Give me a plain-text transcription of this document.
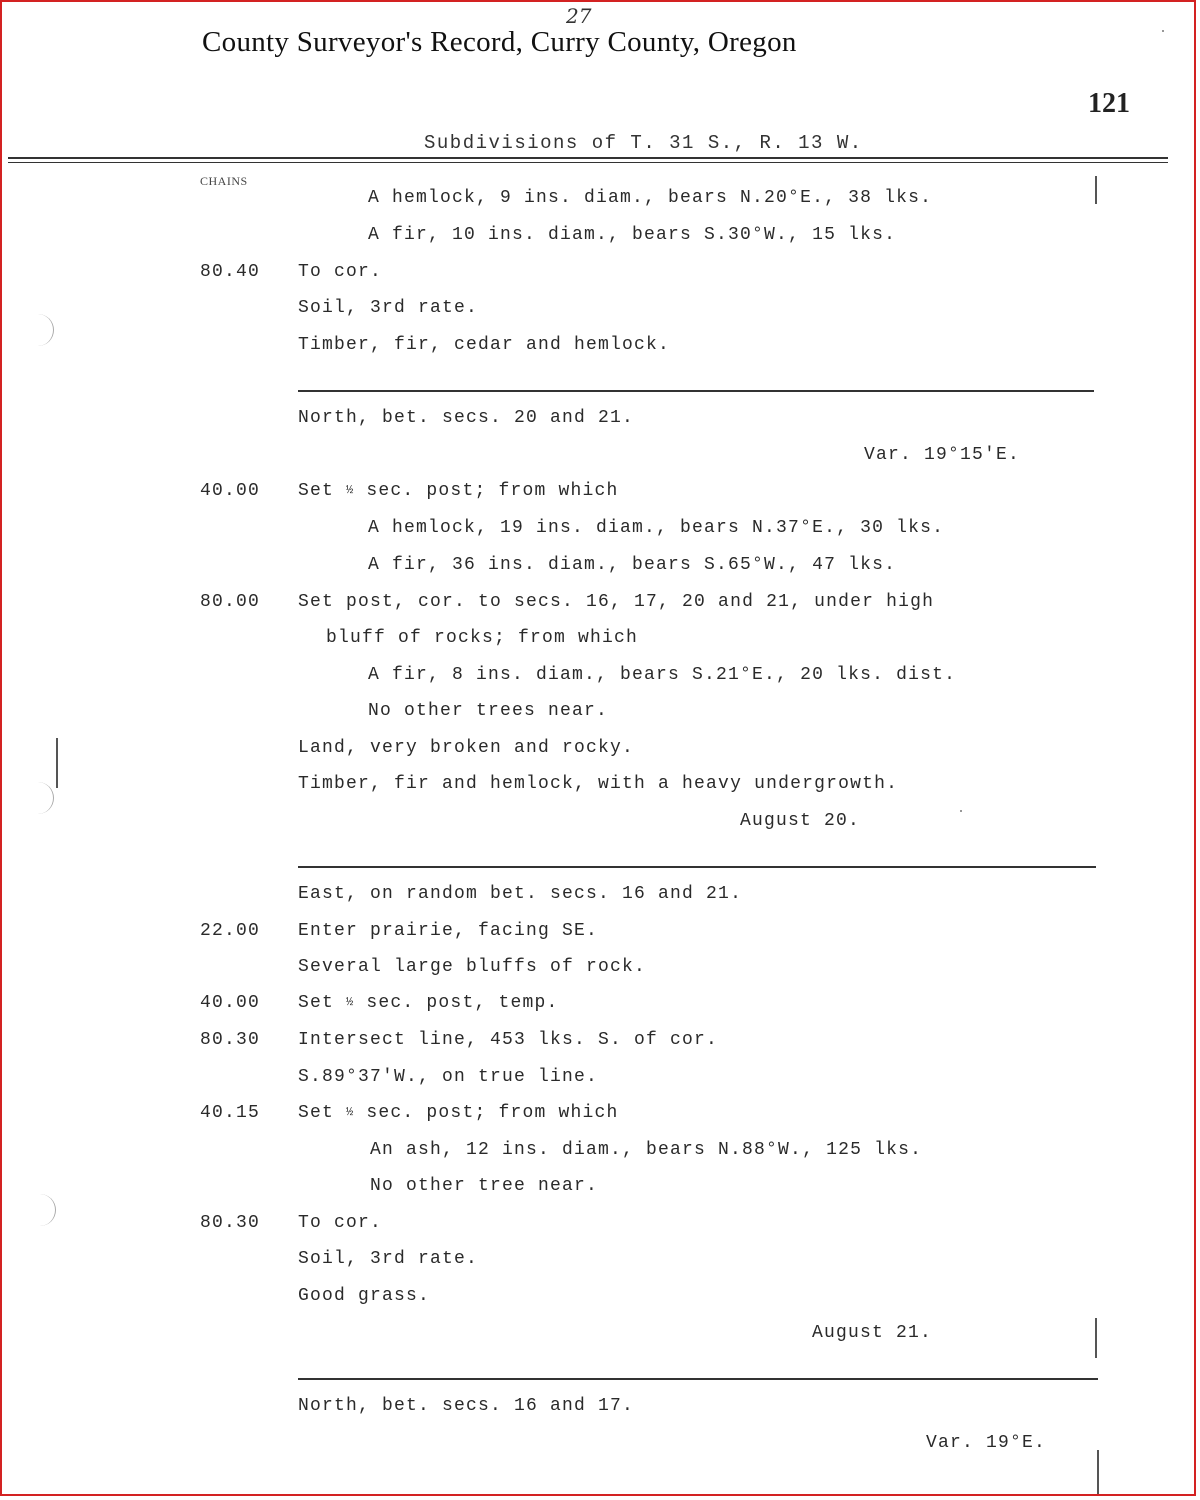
27
County Surveyor's Record, Curry County, Oregon
121
Subdivisions of T. 31 S., R. 13 W.
CHAINS
A hemlock, 9 ins. diam., bears N.20°E., 38 lks.
A fir, 10 ins. diam., bears S.30°W., 15 lks.
80.40 To cor.
Soil, 3rd rate.
Timber, fir, cedar and hemlock.
North, bet. secs. 20 and 21.
Var. 19°15'E.
40.00 Set ½ sec. post; from which
A hemlock, 19 ins. diam., bears N.37°E., 30 lks.
A fir, 36 ins. diam., bears S.65°W., 47 lks.
80.00 Set post, cor. to secs. 16, 17, 20 and 21, under high
bluff of rocks; from which
A fir, 8 ins. diam., bears S.21°E., 20 lks. dist.
No other trees near.
Land, very broken and rocky.
Timber, fir and hemlock, with a heavy undergrowth.
August 20.
East, on random bet. secs. 16 and 21.
22.00 Enter prairie, facing SE.
Several large bluffs of rock.
40.00 Set ½ sec. post, temp.
80.30 Intersect line, 453 lks. S. of cor.
S.89°37'W., on true line.
40.15 Set ½ sec. post; from which
An ash, 12 ins. diam., bears N.88°W., 125 lks.
No other tree near.
80.30 To cor.
Soil, 3rd rate.
Good grass.
August 21.
North, bet. secs. 16 and 17.
Var. 19°E.
